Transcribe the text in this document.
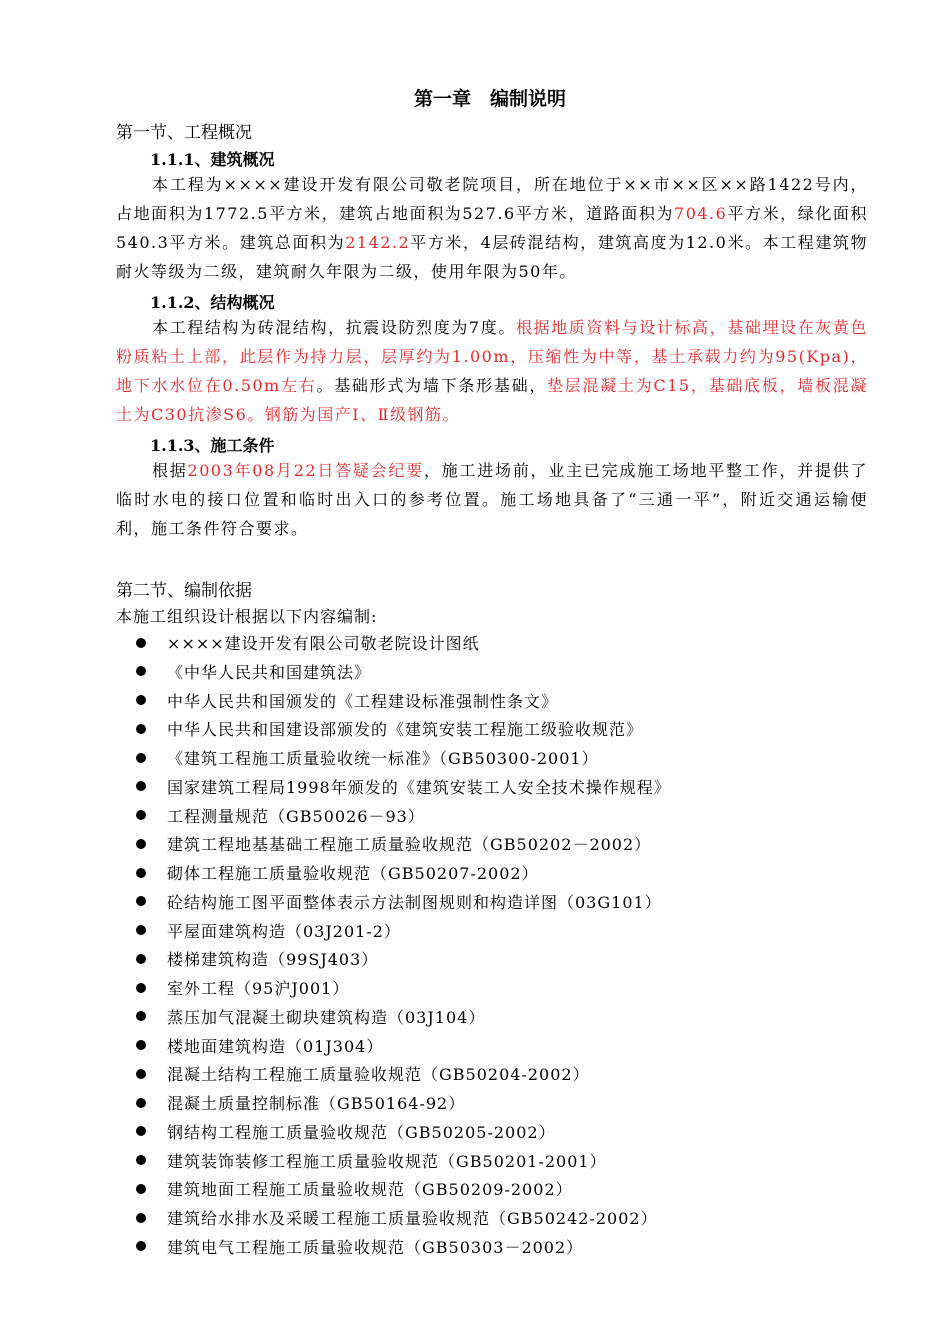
第一章　编制说明
第一节、工程概况
1.1.1、建筑概况

本工程为××××建设开发有限公司敬老院项目，所在地位于××市××区××路1422号内，占地面积为1772.5平方米，建筑占地面积为527.6平方米，道路面积为704.6平方米，绿化面积540.3平方米。建筑总面积为2142.2平方米，4层砖混结构，建筑高度为12.0米。本工程建筑物耐火等级为二级，建筑耐久年限为二级，使用年限为50年。

1.1.2、结构概况

本工程结构为砖混结构，抗震设防烈度为7度。根据地质资料与设计标高，基础埋设在灰黄色粉质粘土上部，此层作为持力层，层厚约为1.00m，压缩性为中等，基土承载力约为95(Kpa)，地下水水位在0.50m左右。基础形式为墙下条形基础，垫层混凝土为C15，基础底板，墙板混凝土为C30抗渗S6。钢筋为国产Ⅰ、Ⅱ级钢筋。

1.1.3、施工条件

根据2003年08月22日答疑会纪要，施工进场前，业主已完成施工场地平整工作，并提供了临时水电的接口位置和临时出入口的参考位置。施工场地具备了“三通一平”，附近交通运输便利，施工条件符合要求。

第二节、编制依据
本施工组织设计根据以下内容编制:
××××建设开发有限公司敬老院设计图纸
《中华人民共和国建筑法》
中华人民共和国颁发的《工程建设标准强制性条文》
中华人民共和国建设部颁发的《建筑安装工程施工级验收规范》
《建筑工程施工质量验收统一标准》（GB50300-2001）
国家建筑工程局1998年颁发的《建筑安装工人安全技术操作规程》
工程测量规范（GB50026－93）
建筑工程地基基础工程施工质量验收规范（GB50202－2002）
砌体工程施工质量验收规范（GB50207-2002）
砼结构施工图平面整体表示方法制图规则和构造详图（03G101）
平屋面建筑构造（03J201-2）
楼梯建筑构造（99SJ403）
室外工程（95沪J001）
蒸压加气混凝土砌块建筑构造（03J104）
楼地面建筑构造（01J304）
混凝土结构工程施工质量验收规范（GB50204-2002）
混凝土质量控制标准（GB50164-92）
钢结构工程施工质量验收规范（GB50205-2002）
建筑装饰装修工程施工质量验收规范（GB50201-2001）
建筑地面工程施工质量验收规范（GB50209-2002）
建筑给水排水及采暖工程施工质量验收规范（GB50242-2002）
建筑电气工程施工质量验收规范（GB50303－2002）
